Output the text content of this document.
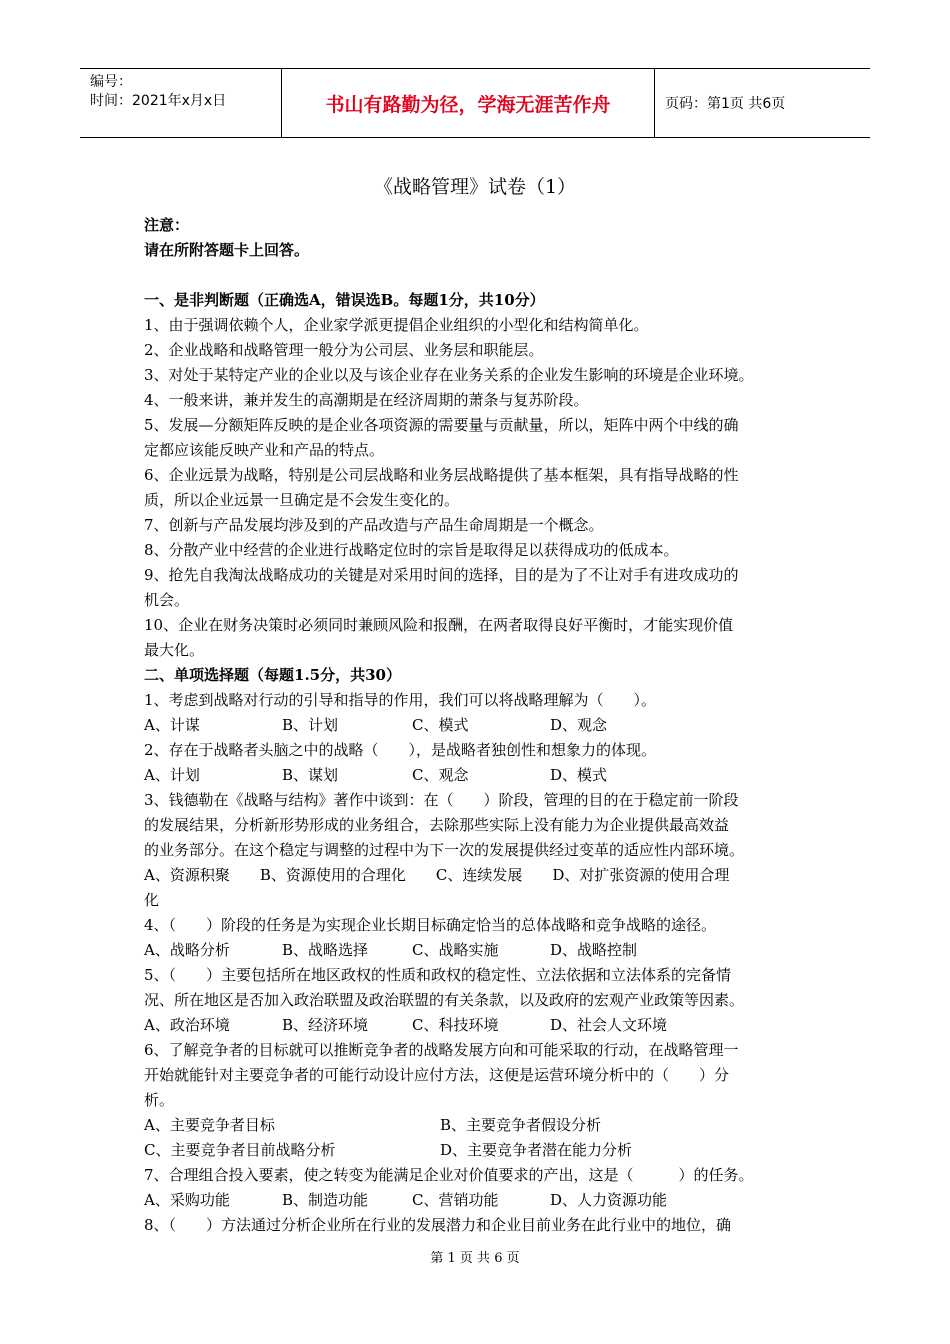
编号：
时间：2021年x月x日	书山有路勤为径，学海无涯苦作舟	页码：第1页 共6页
《战略管理》试卷（1）

注意：

请在所附答题卡上回答。

一、是非判断题（正确选A，错误选B。每题1分，共10分）

1、由于强调依赖个人，企业家学派更提倡企业组织的小型化和结构简单化。

2、企业战略和战略管理一般分为公司层、业务层和职能层。

3、对处于某特定产业的企业以及与该企业存在业务关系的企业发生影响的环境是企业环境。

4、一般来讲，兼并发生的高潮期是在经济周期的萧条与复苏阶段。

5、发展—分额矩阵反映的是企业各项资源的需要量与贡献量，所以，矩阵中两个中线的确

定都应该能反映产业和产品的特点。

6、企业远景为战略，特别是公司层战略和业务层战略提供了基本框架，具有指导战略的性

质，所以企业远景一旦确定是不会发生变化的。

7、创新与产品发展均涉及到的产品改造与产品生命周期是一个概念。

8、分散产业中经营的企业进行战略定位时的宗旨是取得足以获得成功的低成本。

9、抢先自我淘汰战略成功的关键是对采用时间的选择，目的是为了不让对手有进攻成功的

机会。

10、企业在财务决策时必须同时兼顾风险和报酬，在两者取得良好平衡时，才能实现价值

最大化。

二、单项选择题（每题1.5分，共30）

1、考虑到战略对行动的引导和指导的作用，我们可以将战略理解为（　　）。

A、计谋	B、计划	C、模式	D、观念

2、存在于战略者头脑之中的战略（　　），是战略者独创性和想象力的体现。

A、计划	B、谋划	C、观念	D、模式

3、钱德勒在《战略与结构》著作中谈到：在（　　）阶段，管理的目的在于稳定前一阶段

的发展结果，分析新形势形成的业务组合，去除那些实际上没有能力为企业提供最高效益

的业务部分。在这个稳定与调整的过程中为下一次的发展提供经过变革的适应性内部环境。

A、资源积聚　　B、资源使用的合理化　　C、连续发展　　D、对扩张资源的使用合理

化

4、（　　）阶段的任务是为实现企业长期目标确定恰当的总体战略和竞争战略的途径。

A、战略分析	B、战略选择	C、战略实施	D、战略控制

5、（　　）主要包括所在地区政权的性质和政权的稳定性、立法依据和立法体系的完备情

况、所在地区是否加入政治联盟及政治联盟的有关条款，以及政府的宏观产业政策等因素。

A、政治环境	B、经济环境	C、科技环境	D、社会人文环境

6、了解竞争者的目标就可以推断竞争者的战略发展方向和可能采取的行动，在战略管理一

开始就能针对主要竞争者的可能行动设计应付方法，这便是运营环境分析中的（　　）分

析。

A、主要竞争者目标	B、主要竞争者假设分析
C、主要竞争者目前战略分析	D、主要竞争者潜在能力分析

7、合理组合投入要素，使之转变为能满足企业对价值要求的产出，这是（　　　）的任务。

A、采购功能	B、制造功能	C、营销功能	D、人力资源功能

8、（　　）方法通过分析企业所在行业的发展潜力和企业目前业务在此行业中的地位，确

第 1 页 共 6 页
